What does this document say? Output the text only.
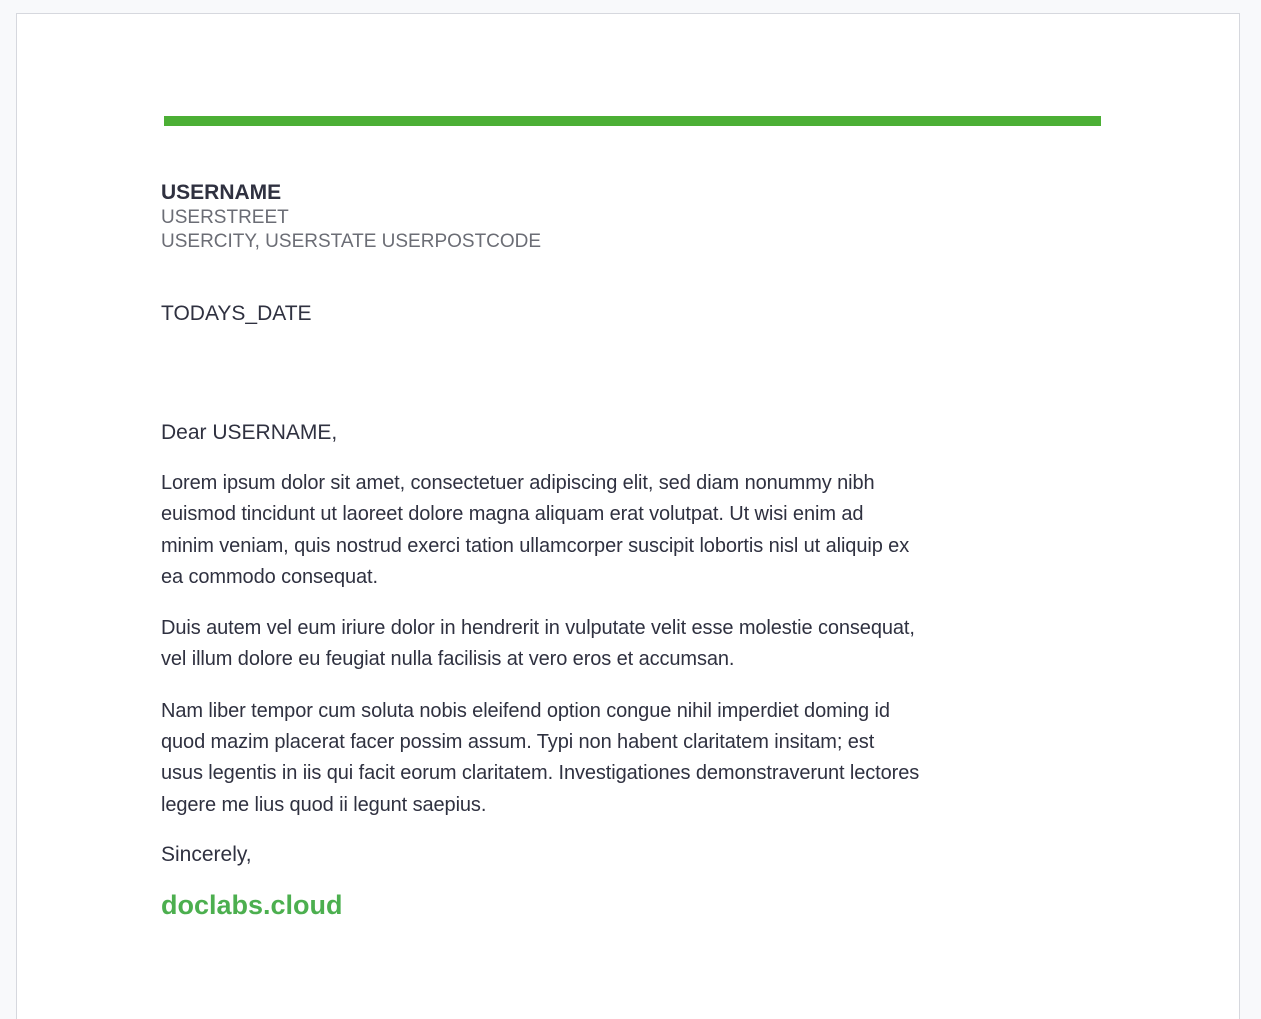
USERNAME

USERSTREET

USERCITY, USERSTATE USERPOSTCODE

TODAYS_DATE

Dear USERNAME,

Lorem ipsum dolor sit amet, consectetuer adipiscing elit, sed diam nonummy nibh euismod tincidunt ut laoreet dolore magna aliquam erat volutpat. Ut wisi enim ad minim veniam, quis nostrud exerci tation ullamcorper suscipit lobortis nisl ut aliquip ex ea commodo consequat.

Duis autem vel eum iriure dolor in hendrerit in vulputate velit esse molestie consequat, vel illum dolore eu feugiat nulla facilisis at vero eros et accumsan.

Nam liber tempor cum soluta nobis eleifend option congue nihil imperdiet doming id quod mazim placerat facer possim assum. Typi non habent claritatem insitam; est usus legentis in iis qui facit eorum claritatem. Investigationes demonstraverunt lectores legere me lius quod ii legunt saepius.

Sincerely,

doclabs.cloud
